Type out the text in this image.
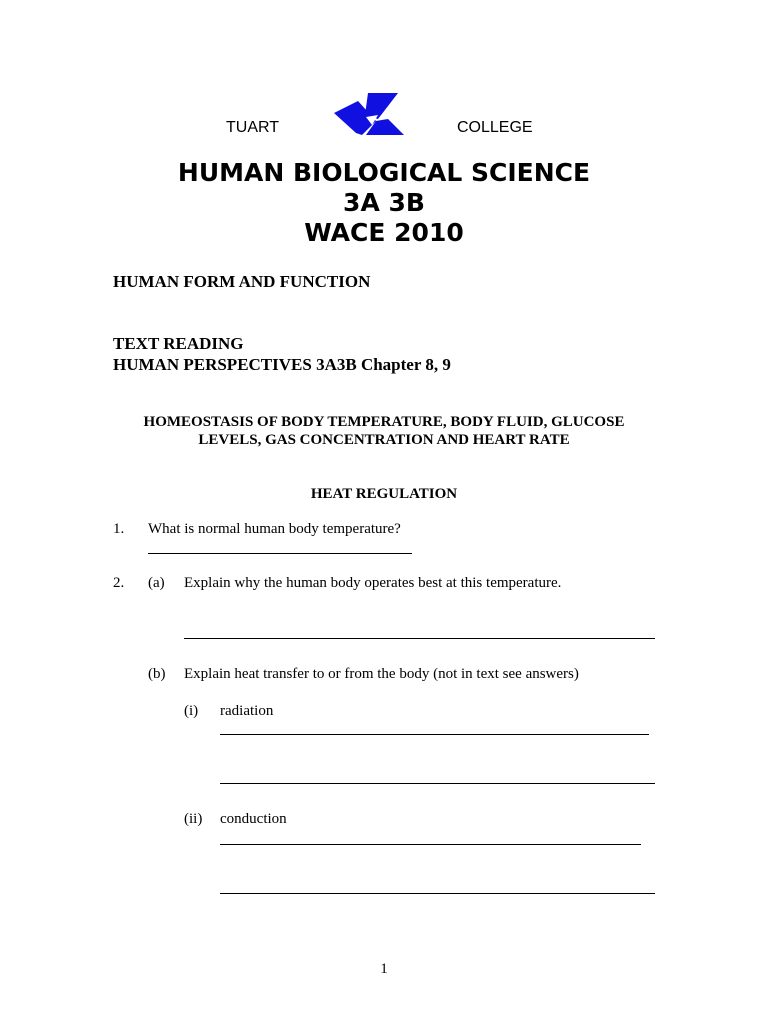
TUART	COLLEGE
HUMAN BIOLOGICAL SCIENCE
3A 3B
WACE 2010
HUMAN FORM AND FUNCTION
TEXT READING
HUMAN PERSPECTIVES 3A3B Chapter 8, 9
HOMEOSTASIS OF BODY TEMPERATURE, BODY FLUID, GLUCOSE
LEVELS, GAS CONCENTRATION AND HEART RATE
HEAT REGULATION
1. What is normal human body temperature?
2. (a) Explain why the human body operates best at this temperature.
(b) Explain heat transfer to or from the body (not in text see answers)
(i) radiation
(ii) conduction
1
